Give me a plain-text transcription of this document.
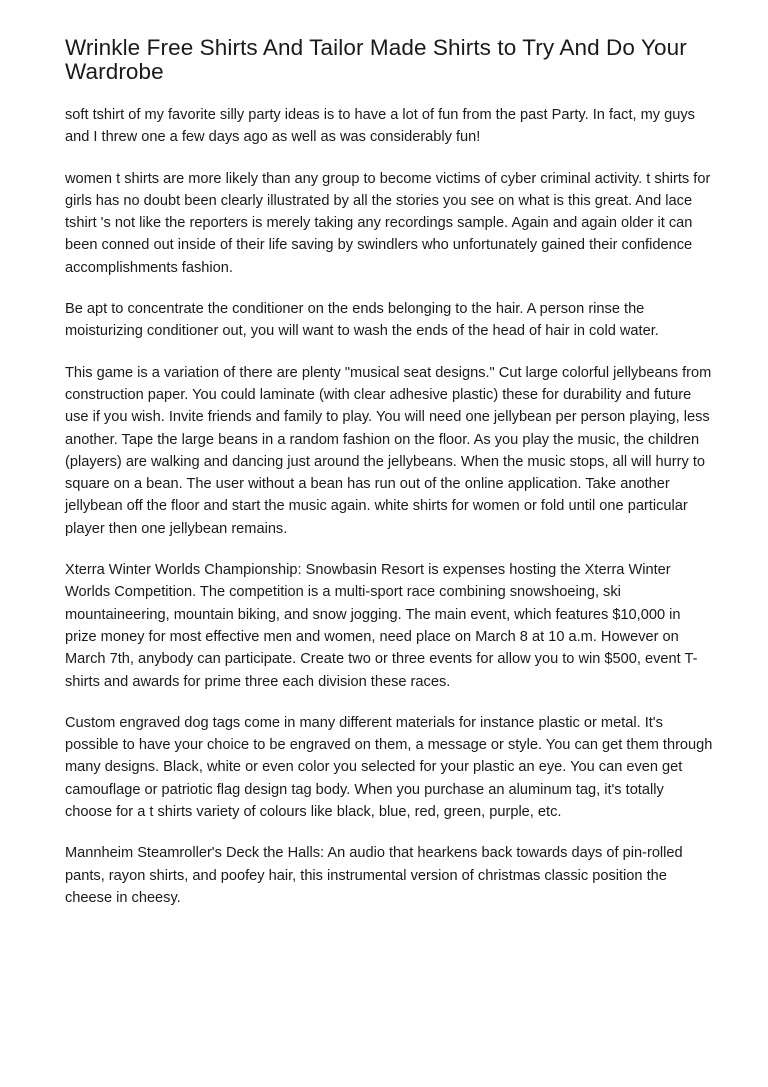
Wrinkle Free Shirts And Tailor Made Shirts to Try And Do Your Wardrobe

soft tshirt of my favorite silly party ideas is to have a lot of fun from the past Party. In fact, my guys and I threw one a few days ago as well as was considerably fun!

women t shirts are more likely than any group to become victims of cyber criminal activity. t shirts for girls has no doubt been clearly illustrated by all the stories you see on what is this great. And lace tshirt 's not like the reporters is merely taking any recordings sample. Again and again older it can been conned out inside of their life saving by swindlers who unfortunately gained their confidence accomplishments fashion.

Be apt to concentrate the conditioner on the ends belonging to the hair. A person rinse the moisturizing conditioner out, you will want to wash the ends of the head of hair in cold water.

This game is a variation of there are plenty "musical seat designs." Cut large colorful jellybeans from construction paper. You could laminate (with clear adhesive plastic) these for durability and future use if you wish. Invite friends and family to play. You will need one jellybean per person playing, less another. Tape the large beans in a random fashion on the floor. As you play the music, the children (players) are walking and dancing just around the jellybeans. When the music stops, all will hurry to square on a bean. The user without a bean has run out of the online application. Take another jellybean off the floor and start the music again. white shirts for women or fold until one particular player then one jellybean remains.

Xterra Winter Worlds Championship: Snowbasin Resort is expenses hosting the Xterra Winter Worlds Competition. The competition is a multi-sport race combining snowshoeing, ski mountaineering, mountain biking, and snow jogging. The main event, which features $10,000 in prize money for most effective men and women, need place on March 8 at 10 a.m. However on March 7th, anybody can participate. Create two or three events for allow you to win $500, event T-shirts and awards for prime three each division these races.

Custom engraved dog tags come in many different materials for instance plastic or metal. It's possible to have your choice to be engraved on them, a message or style. You can get them through many designs. Black, white or even color you selected for your plastic an eye. You can even get camouflage or patriotic flag design tag body. When you purchase an aluminum tag, it's totally choose for a t shirts variety of colours like black, blue, red, green, purple, etc.

Mannheim Steamroller's Deck the Halls: An audio that hearkens back towards days of pin-rolled pants, rayon shirts, and poofey hair, this instrumental version of christmas classic position the cheese in cheesy.
